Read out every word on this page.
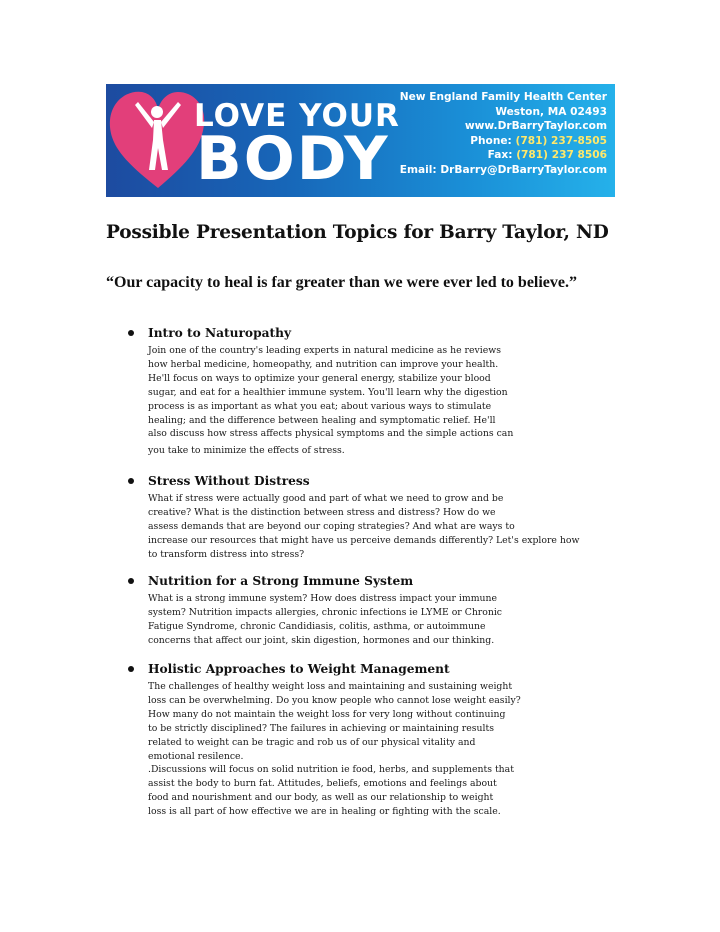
LOVE YOUR
BODY
New England Family Health Center
Weston, MA 02493
www.DrBarryTaylor.com
Phone: (781) 237-8505
Fax: (781) 237 8506
Email: DrBarry@DrBarryTaylor.com
Possible Presentation Topics for Barry Taylor, ND

“Our capacity to heal is far greater than we were ever led to believe.”

Intro to Naturopathy

Join one of the country's leading experts in natural medicine as he reviews
how herbal medicine, homeopathy, and nutrition can improve your health.
He'll focus on ways to optimize your general energy, stabilize your blood
sugar, and eat for a healthier immune system. You'll learn why the digestion
process is as important as what you eat; about various ways to stimulate
healing; and the difference between healing and symptomatic relief. He'll
also discuss how stress affects physical symptoms and the simple actions can
you take to minimize the effects of stress.

Stress Without Distress

What if stress were actually good and part of what we need to grow and be
creative? What is the distinction between stress and distress? How do we
assess demands that are beyond our coping strategies? And what are ways to
increase our resources that might have us perceive demands differently? Let's explore how
to transform distress into stress?

Nutrition for a Strong Immune System

What is a strong immune system? How does distress impact your immune
system? Nutrition impacts allergies, chronic infections ie LYME or Chronic
Fatigue Syndrome, chronic Candidiasis, colitis, asthma, or autoimmune
concerns that affect our joint, skin digestion, hormones and our thinking.

Holistic Approaches to Weight Management

The challenges of healthy weight loss and maintaining and sustaining weight
loss can be overwhelming. Do you know people who cannot lose weight easily?
How many do not maintain the weight loss for very long without continuing
to be strictly disciplined? The failures in achieving or maintaining results
related to weight can be tragic and rob us of our physical vitality and
emotional resilence.
.Discussions will focus on solid nutrition ie food, herbs, and supplements that
assist the body to burn fat. Attitudes, beliefs, emotions and feelings about
food and nourishment and our body, as well as our relationship to weight
loss is all part of how effective we are in healing or fighting with the scale.
